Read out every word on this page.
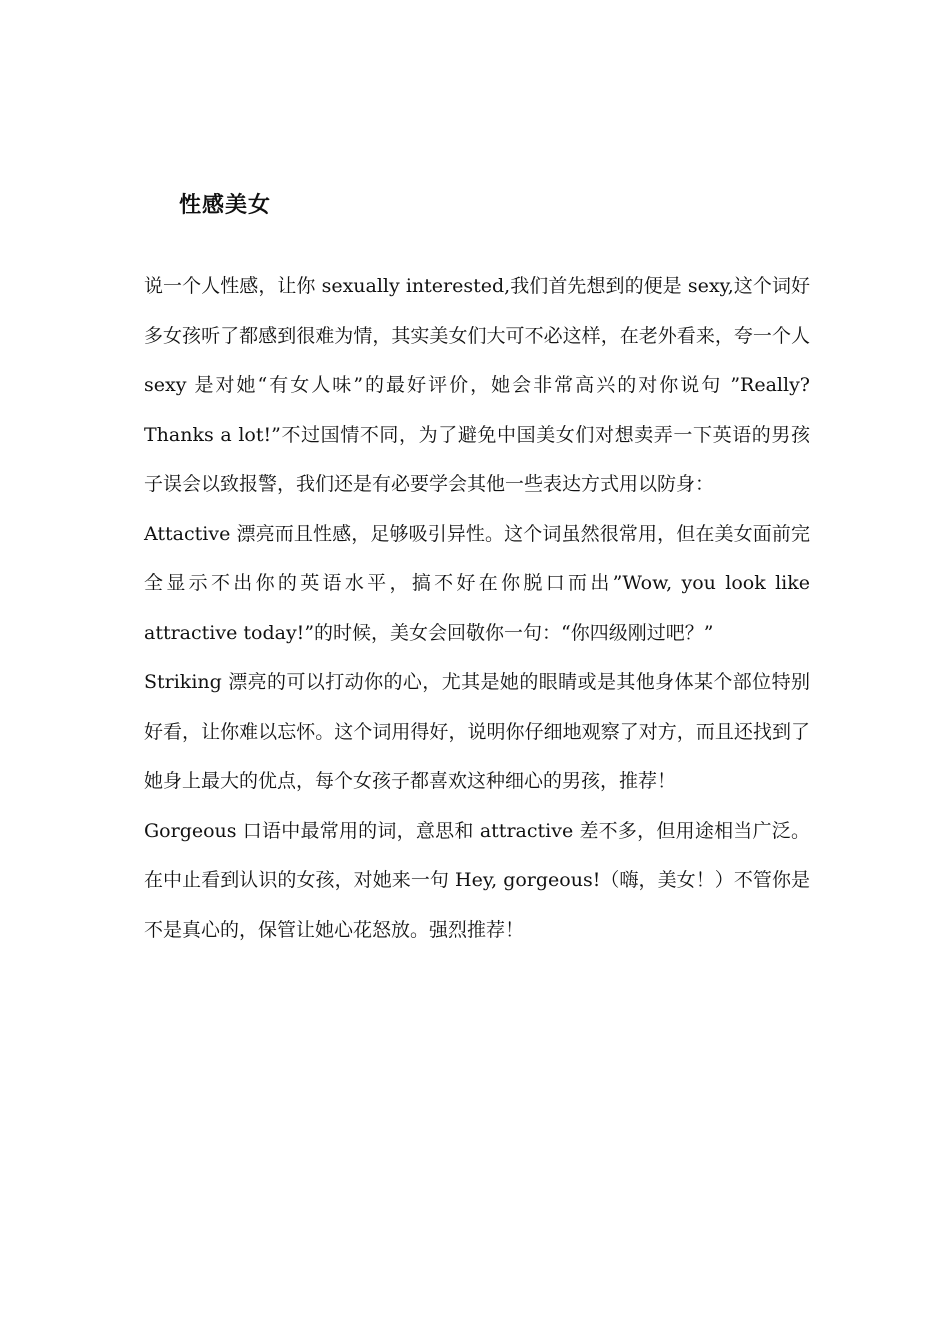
性感美女

说一个人性感，让你 sexually interested,我们首先想到的便是 sexy,这个词好多女孩听了都感到很难为情，其实美女们大可不必这样，在老外看来，夸一个人 sexy 是对她“有女人味”的最好评价，她会非常高兴的对你说句 ”Really?Thanks a lot!”不过国情不同，为了避免中国美女们对想卖弄一下英语的男孩子误会以致报警，我们还是有必要学会其他一些表达方式用以防身：

Attactive 漂亮而且性感，足够吸引异性。这个词虽然很常用，但在美女面前完全显示不出你的英语水平，搞不好在你脱口而出”Wow, you look like attractive today!”的时候，美女会回敬你一句：“你四级刚过吧？”

Striking 漂亮的可以打动你的心，尤其是她的眼睛或是其他身体某个部位特别好看，让你难以忘怀。这个词用得好，说明你仔细地观察了对方，而且还找到了她身上最大的优点，每个女孩子都喜欢这种细心的男孩，推荐！

Gorgeous 口语中最常用的词，意思和 attractive 差不多，但用途相当广泛。在中止看到认识的女孩，对她来一句 Hey, gorgeous!（嗨，美女！）不管你是不是真心的，保管让她心花怒放。强烈推荐！
